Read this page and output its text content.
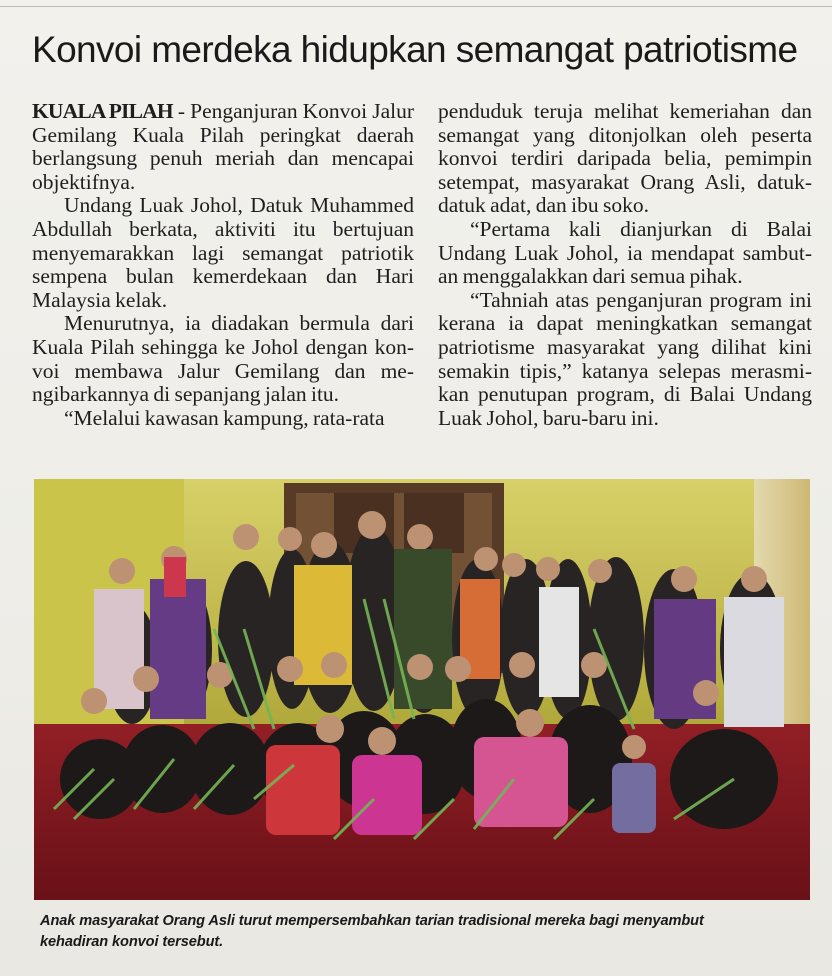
Konvoi merdeka hidupkan semangat patriotisme

KUALA PILAH - Penganjuran Konvoi Jalur
Gemilang Kuala Pilah peringkat daerah
berlangsung penuh meriah dan mencapai
objektifnya.

Undang Luak Johol, Datuk Muhammed
Abdullah berkata, aktiviti itu bertujuan
menyemarakkan lagi semangat patriotik
sempena bulan kemerdekaan dan Hari
Malaysia kelak.

Menurutnya, ia diadakan bermula dari
Kuala Pilah sehingga ke Johol dengan kon-
voi membawa Jalur Gemilang dan me-
ngibarkannya di sepanjang jalan itu.

“Melalui kawasan kampung, rata-rata

penduduk teruja melihat kemeriahan dan
semangat yang ditonjolkan oleh peserta
konvoi terdiri daripada belia, pemimpin
setempat, masyarakat Orang Asli, datuk-
datuk adat, dan ibu soko.

“Pertama kali dianjurkan di Balai
Undang Luak Johol, ia mendapat sambut-
an menggalakkan dari semua pihak.

“Tahniah atas penganjuran program ini
kerana ia dapat meningkatkan semangat
patriotisme masyarakat yang dilihat kini
semakin tipis,” katanya selepas merasmi-
kan penutupan program, di Balai Undang
Luak Johol, baru-baru ini.

Anak masyarakat Orang Asli turut mempersembahkan tarian tradisional mereka bagi menyambut
kehadiran konvoi tersebut.
